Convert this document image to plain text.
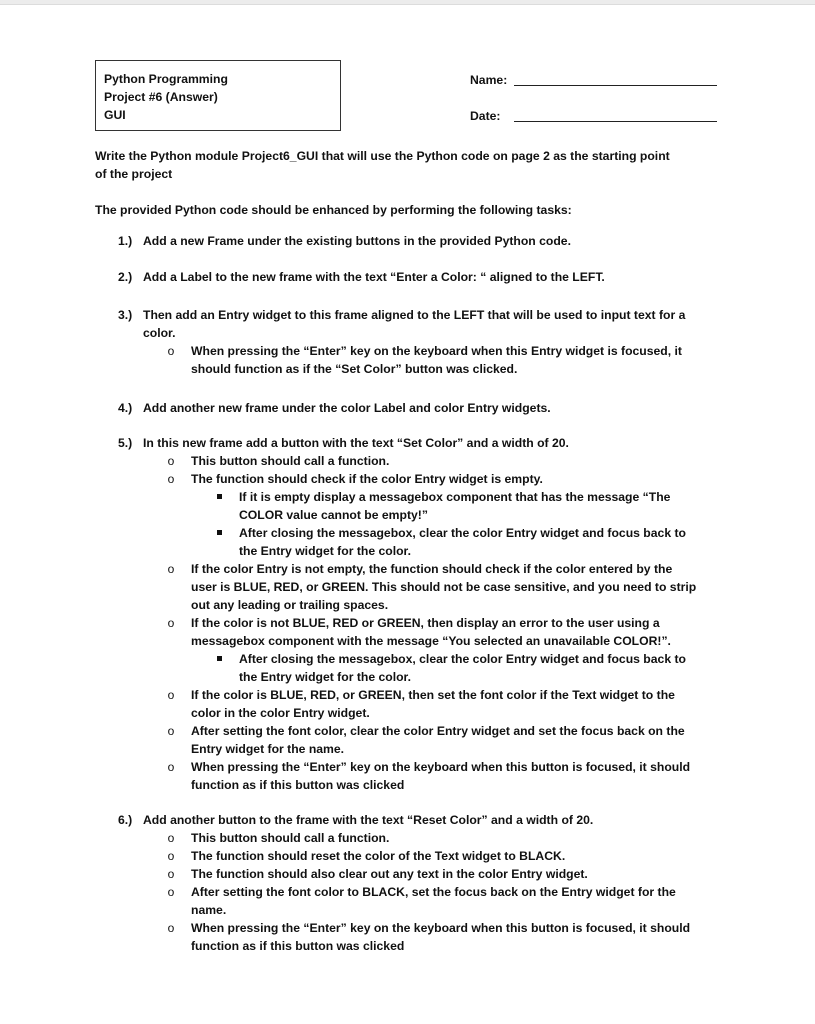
Python Programming
Project #6 (Answer)
GUI
Name:
Date:
Write the Python module Project6_GUI that will use the Python code on page 2 as the starting point
of the project
The provided Python code should be enhanced by performing the following tasks:
1.) Add a new Frame under the existing buttons in the provided Python code.
2.) Add a Label to the new frame with the text “Enter a Color: “ aligned to the LEFT.
3.) Then add an Entry widget to this frame aligned to the LEFT that will be used to input text for a
color.
o When pressing the “Enter” key on the keyboard when this Entry widget is focused, it
should function as if the “Set Color” button was clicked.
4.) Add another new frame under the color Label and color Entry widgets.
5.) In this new frame add a button with the text “Set Color” and a width of 20.
o This button should call a function.
o The function should check if the color Entry widget is empty.
If it is empty display a messagebox component that has the message “The
COLOR value cannot be empty!”
After closing the messagebox, clear the color Entry widget and focus back to
the Entry widget for the color.
o If the color Entry is not empty, the function should check if the color entered by the
user is BLUE, RED, or GREEN. This should not be case sensitive, and you need to strip
out any leading or trailing spaces.
o If the color is not BLUE, RED or GREEN, then display an error to the user using a
messagebox component with the message “You selected an unavailable COLOR!”.
After closing the messagebox, clear the color Entry widget and focus back to
the Entry widget for the color.
o If the color is BLUE, RED, or GREEN, then set the font color if the Text widget to the
color in the color Entry widget.
o After setting the font color, clear the color Entry widget and set the focus back on the
Entry widget for the name.
o When pressing the “Enter” key on the keyboard when this button is focused, it should
function as if this button was clicked
6.) Add another button to the frame with the text “Reset Color” and a width of 20.
o This button should call a function.
o The function should reset the color of the Text widget to BLACK.
o The function should also clear out any text in the color Entry widget.
o After setting the font color to BLACK, set the focus back on the Entry widget for the
name.
o When pressing the “Enter” key on the keyboard when this button is focused, it should
function as if this button was clicked
